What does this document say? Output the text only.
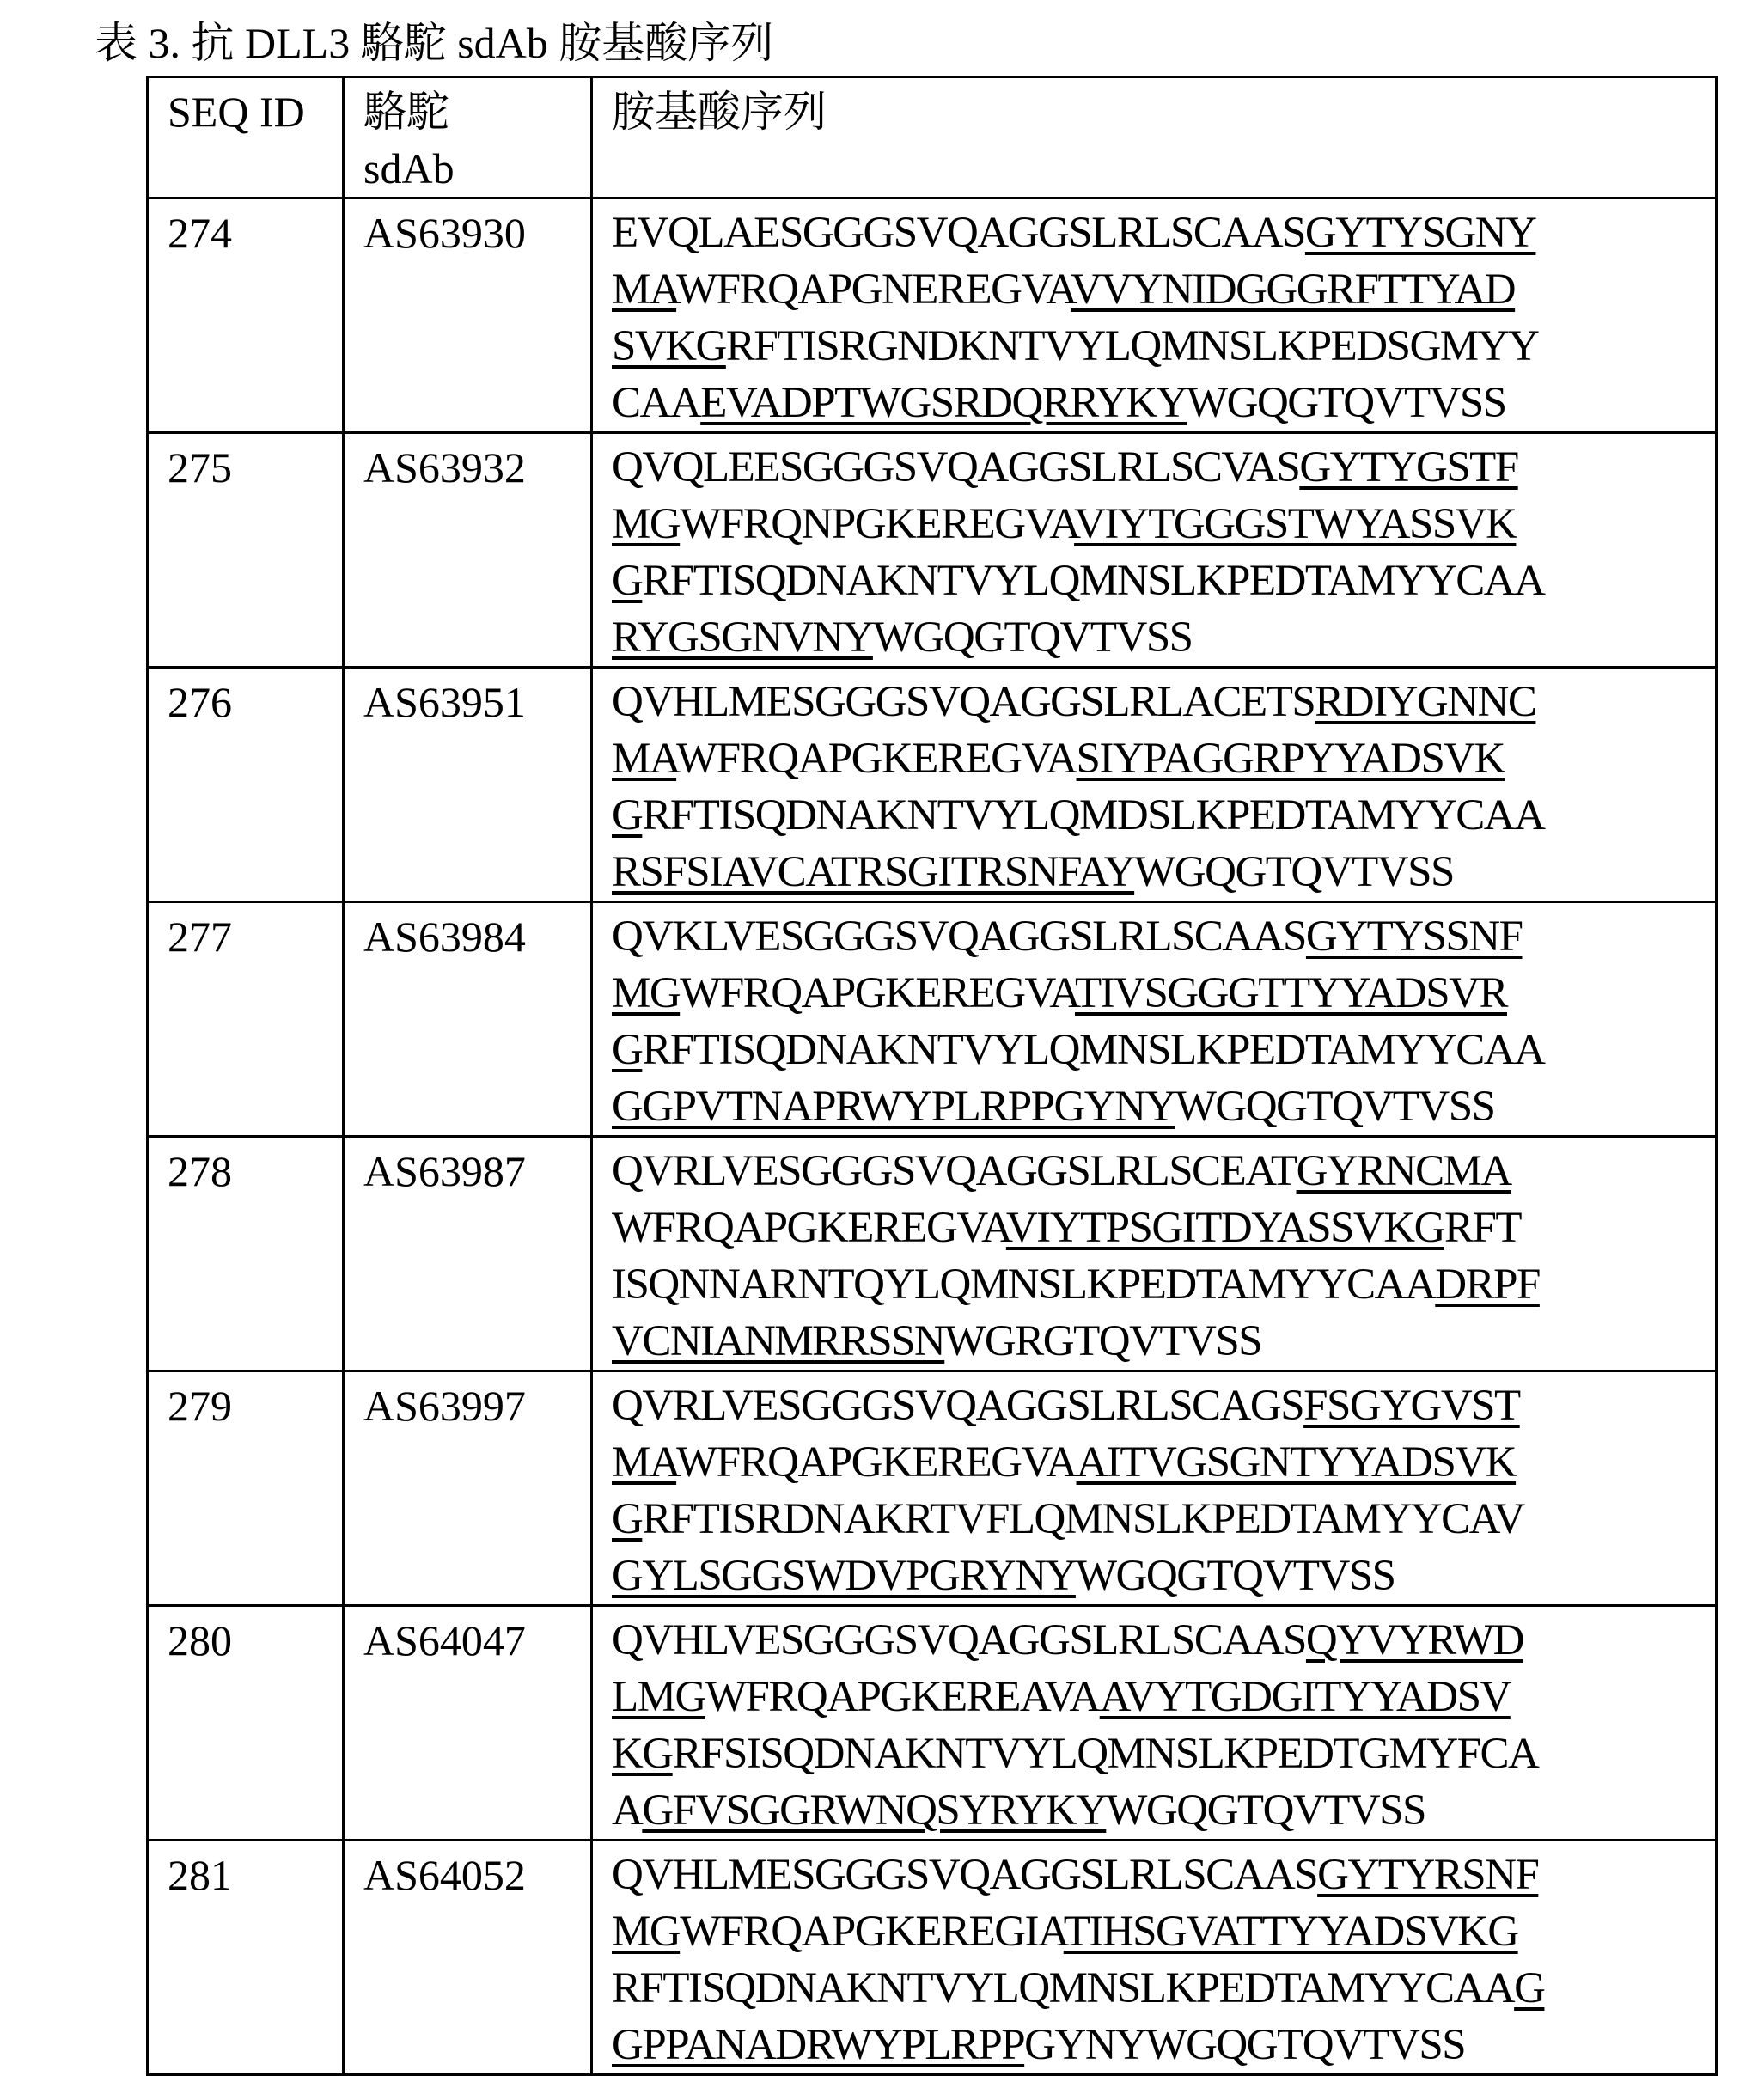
表 3. 抗 DLL3 駱駝 sdAb 胺基酸序列
SEQ ID	駱駝
sdAb	胺基酸序列
274	AS63930	EVQLAESGGGSVQAGGSLRLSCAASGYTYSGNY
MAWFRQAPGNEREGVAVVYNIDGGGRFTTYAD
SVKGRFTISRGNDKNTVYLQMNSLKPEDSGMYY
CAAEVADPTWGSRDQRRYKYWGQGTQVTVSS

275	AS63932	QVQLEESGGGSVQAGGSLRLSCVASGYTYGSTF
MGWFRQNPGKEREGVAVIYTGGGSTWYASSVK
GRFTISQDNAKNTVYLQMNSLKPEDTAMYYCAA
RYGSGNVNYWGQGTQVTVSS

276	AS63951	QVHLMESGGGSVQAGGSLRLACETSRDIYGNNC
MAWFRQAPGKEREGVASIYPAGGRPYYADSVK
GRFTISQDNAKNTVYLQMDSLKPEDTAMYYCAA
RSFSIAVCATRSGITRSNFAYWGQGTQVTVSS

277	AS63984	QVKLVESGGGSVQAGGSLRLSCAASGYTYSSNF
MGWFRQAPGKEREGVATIVSGGGTTYYADSVR
GRFTISQDNAKNTVYLQMNSLKPEDTAMYYCAA
GGPVTNAPRWYPLRPPGYNYWGQGTQVTVSS

278	AS63987	QVRLVESGGGSVQAGGSLRLSCEATGYRNCMA
WFRQAPGKEREGVAVIYTPSGITDYASSVKGRFT
ISQNNARNTQYLQMNSLKPEDTAMYYCAADRPF
VCNIANMRRSSNWGRGTQVTVSS

279	AS63997	QVRLVESGGGSVQAGGSLRLSCAGSFSGYGVST
MAWFRQAPGKEREGVAAITVGSGNTYYADSVK
GRFTISRDNAKRTVFLQMNSLKPEDTAMYYCAV
GYLSGGSWDVPGRYNYWGQGTQVTVSS

280	AS64047	QVHLVESGGGSVQAGGSLRLSCAASQYVYRWD
LMGWFRQAPGKEREAVAAVYTGDGITYYADSV
KGRFSISQDNAKNTVYLQMNSLKPEDTGMYFCA
AGFVSGGRWNQSYRYKYWGQGTQVTVSS

281	AS64052	QVHLMESGGGSVQAGGSLRLSCAASGYTYRSNF
MGWFRQAPGKEREGIATIHSGVATTYYADSVKG
RFTISQDNAKNTVYLQMNSLKPEDTAMYYCAAG
GPPANADRWYPLRPPGYNYWGQGTQVTVSS
